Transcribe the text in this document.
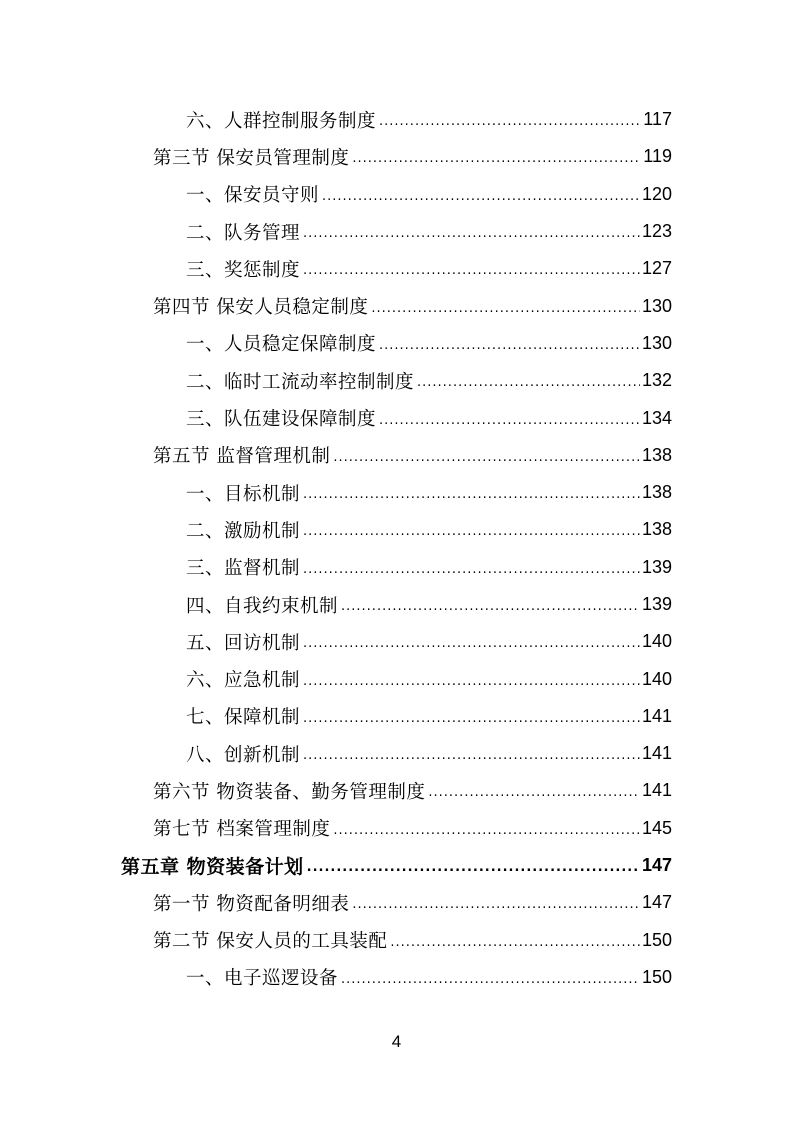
六、人群控制服务制度 .....	117
第三节 保安员管理制度 .....	119
一、保安员守则 .....	120
二、队务管理 .....	123
三、奖惩制度 .....	127
第四节 保安人员稳定制度 .....	130
一、人员稳定保障制度 .....	130
二、临时工流动率控制制度 .....	132
三、队伍建设保障制度 .....	134
第五节 监督管理机制 .....	138
一、目标机制 .....	138
二、激励机制 .....	138
三、监督机制 .....	139
四、自我约束机制 .....	139
五、回访机制 .....	140
六、应急机制 .....	140
七、保障机制 .....	141
八、创新机制 .....	141
第六节 物资装备、勤务管理制度 .....	141
第七节 档案管理制度 .....	145
第五章 物资装备计划 .....	147
第一节 物资配备明细表 .....	147
第二节 保安人员的工具装配 .....	150
一、电子巡逻设备 .....	150
4
